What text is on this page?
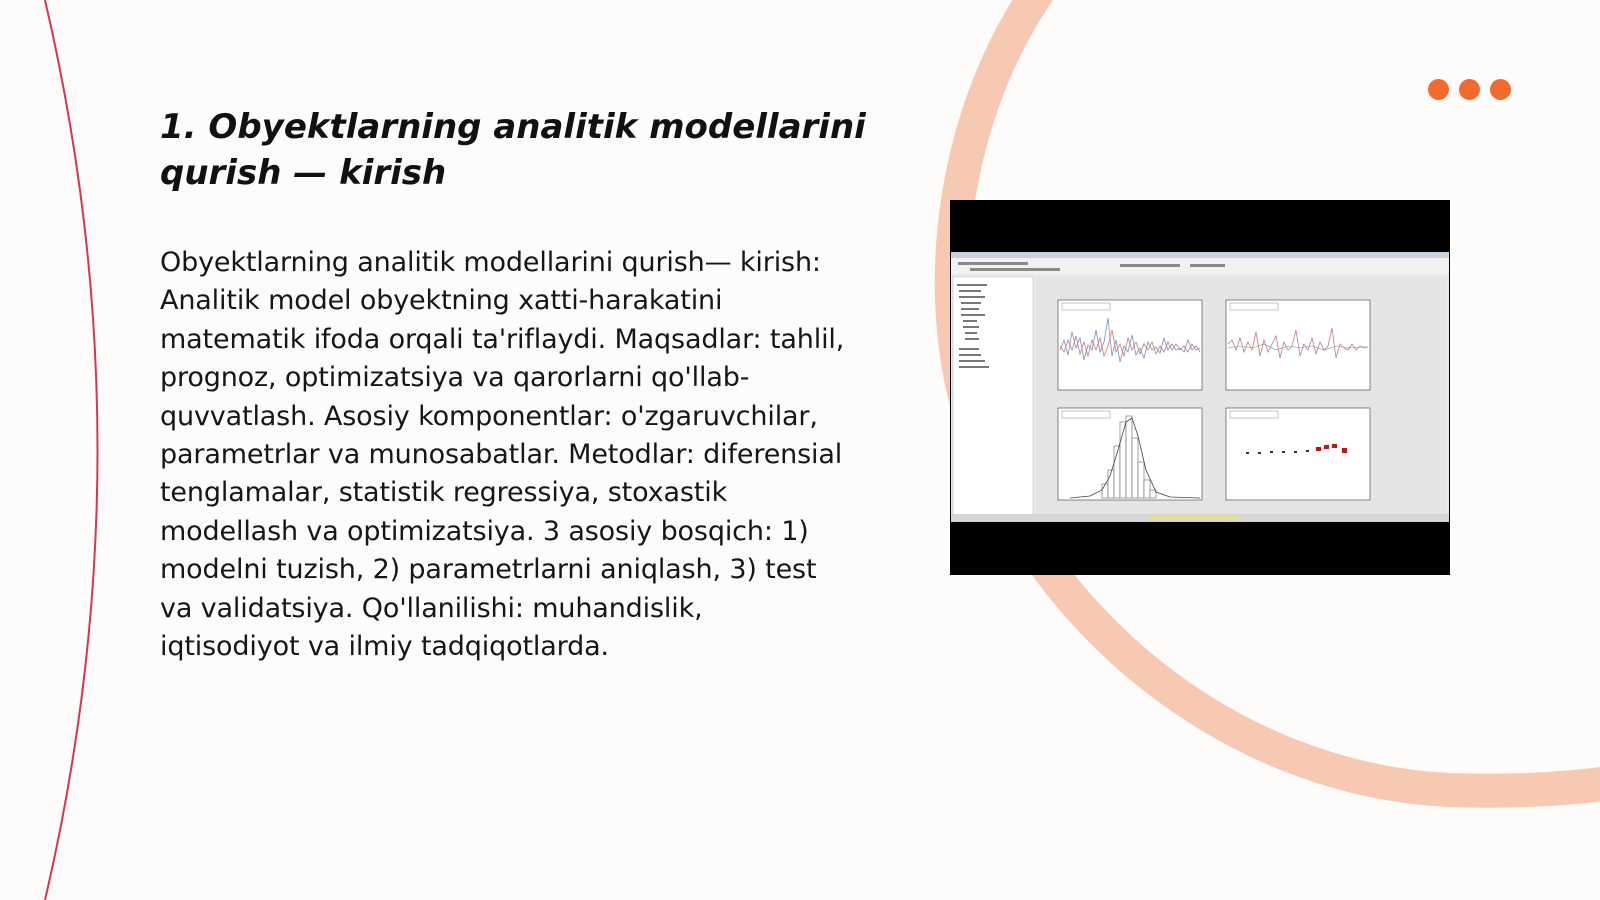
1. Obyektlarning analitik modellarini qurish — kirish

Obyektlarning analitik modellarini qurish— kirish: Analitik model obyektning xatti-harakatini matematik ifoda orqali ta'riflaydi. Maqsadlar: tahlil, prognoz, optimizatsiya va qarorlarni qo'llab-quvvatlash. Asosiy komponentlar: o'zgaruvchilar, parametrlar va munosabatlar. Metodlar: diferensial tenglamalar, statistik regressiya, stoxastik modellash va optimizatsiya. 3 asosiy bosqich: 1) modelni tuzish, 2) parametrlarni aniqlash, 3) test va validatsiya. Qo'llanilishi: muhandislik, iqtisodiyot va ilmiy tadqiqotlarda.
